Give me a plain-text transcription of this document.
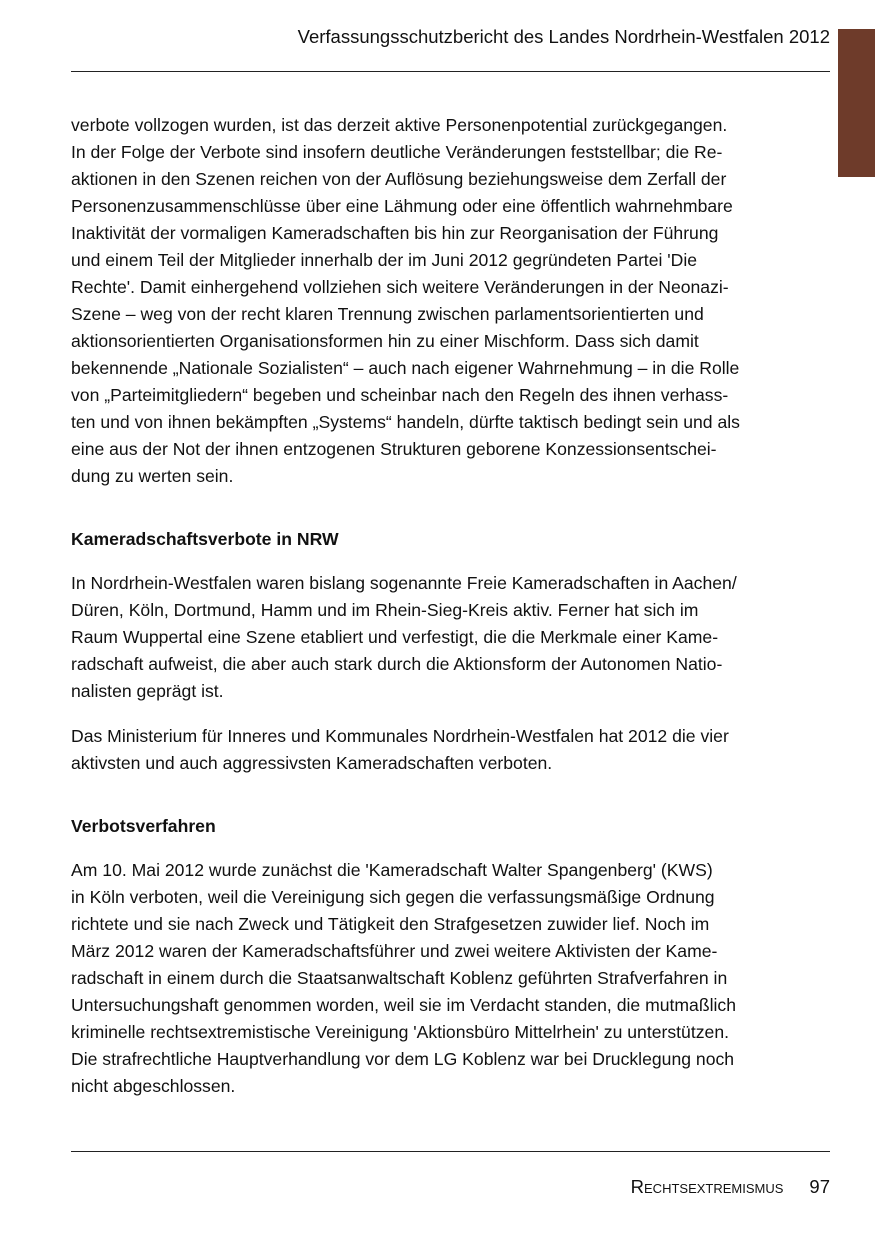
Verfassungsschutzbericht des Landes Nordrhein-Westfalen 2012

verbote vollzogen wurden, ist das derzeit aktive Personenpotential zurückgegangen.
In der Folge der Verbote sind insofern deutliche Veränderungen feststellbar; die Re-
aktionen in den Szenen reichen von der Auflösung beziehungsweise dem Zerfall der
Personenzusammenschlüsse über eine Lähmung oder eine öffentlich wahrnehmbare
Inaktivität der vormaligen Kameradschaften bis hin zur Reorganisation der Führung
und einem Teil der Mitglieder innerhalb der im Juni 2012 gegründeten Partei 'Die
Rechte'. Damit einhergehend vollziehen sich weitere Veränderungen in der Neonazi-
Szene – weg von der recht klaren Trennung zwischen parlamentsorientierten und
aktionsorientierten Organisationsformen hin zu einer Mischform. Dass sich damit
bekennende „Nationale Sozialisten“ – auch nach eigener Wahrnehmung – in die Rolle
von „Parteimitgliedern“ begeben und scheinbar nach den Regeln des ihnen verhass-
ten und von ihnen bekämpften „Systems“ handeln, dürfte taktisch bedingt sein und als
eine aus der Not der ihnen entzogenen Strukturen geborene Konzessionsentschei-
dung zu werten sein.

Kameradschaftsverbote in NRW

In Nordrhein-Westfalen waren bislang sogenannte Freie Kameradschaften in Aachen/
Düren, Köln, Dortmund, Hamm und im Rhein-Sieg-Kreis aktiv. Ferner hat sich im
Raum Wuppertal eine Szene etabliert und verfestigt, die die Merkmale einer Kame-
radschaft aufweist, die aber auch stark durch die Aktionsform der Autonomen Natio-
nalisten geprägt ist.

Das Ministerium für Inneres und Kommunales Nordrhein-Westfalen hat 2012 die vier
aktivsten und auch aggressivsten Kameradschaften verboten.

Verbotsverfahren

Am 10. Mai 2012 wurde zunächst die 'Kameradschaft Walter Spangenberg' (KWS)
in Köln verboten, weil die Vereinigung sich gegen die verfassungsmäßige Ordnung
richtete und sie nach Zweck und Tätigkeit den Strafgesetzen zuwider lief. Noch im
März 2012 waren der Kameradschaftsführer und zwei weitere Aktivisten der Kame-
radschaft in einem durch die Staatsanwaltschaft Koblenz geführten Strafverfahren in
Untersuchungshaft genommen worden, weil sie im Verdacht standen, die mutmaßlich
kriminelle rechtsextremistische Vereinigung 'Aktionsbüro Mittelrhein' zu unterstützen.
Die strafrechtliche Hauptverhandlung vor dem LG Koblenz war bei Drucklegung noch
nicht abgeschlossen.

Rechtsextremismus 97
